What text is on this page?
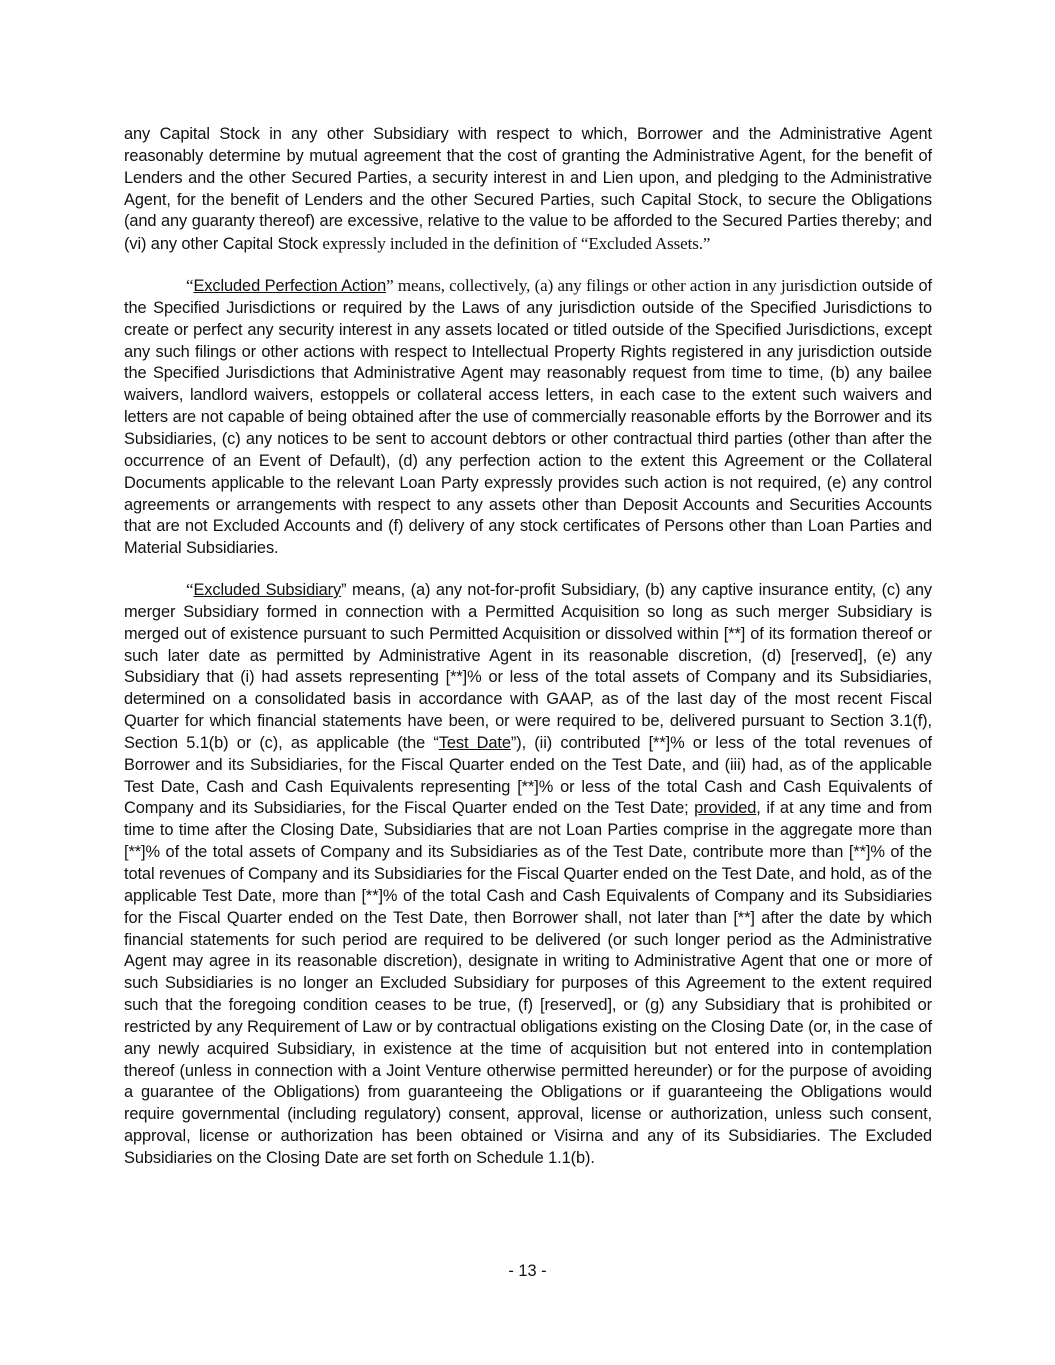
any Capital Stock in any other Subsidiary with respect to which, Borrower and the Administrative Agent reasonably determine by mutual agreement that the cost of granting the Administrative Agent, for the benefit of Lenders and the other Secured Parties, a security interest in and Lien upon, and pledging to the Administrative Agent, for the benefit of Lenders and the other Secured Parties, such Capital Stock, to secure the Obligations (and any guaranty thereof) are excessive, relative to the value to be afforded to the Secured Parties thereby; and (vi) any other Capital Stock expressly included in the definition of “Excluded Assets.”

“Excluded Perfection Action” means, collectively, (a) any filings or other action in any jurisdiction outside of the Specified Jurisdictions or required by the Laws of any jurisdiction outside of the Specified Jurisdictions to create or perfect any security interest in any assets located or titled outside of the Specified Jurisdictions, except any such filings or other actions with respect to Intellectual Property Rights registered in any jurisdiction outside the Specified Jurisdictions that Administrative Agent may reasonably request from time to time, (b) any bailee waivers, landlord waivers, estoppels or collateral access letters, in each case to the extent such waivers and letters are not capable of being obtained after the use of commercially reasonable efforts by the Borrower and its Subsidiaries, (c) any notices to be sent to account debtors or other contractual third parties (other than after the occurrence of an Event of Default), (d) any perfection action to the extent this Agreement or the Collateral Documents applicable to the relevant Loan Party expressly provides such action is not required, (e) any control agreements or arrangements with respect to any assets other than Deposit Accounts and Securities Accounts that are not Excluded Accounts and (f) delivery of any stock certificates of Persons other than Loan Parties and Material Subsidiaries.

“Excluded Subsidiary” means, (a) any not-for-profit Subsidiary, (b) any captive insurance entity, (c) any merger Subsidiary formed in connection with a Permitted Acquisition so long as such merger Subsidiary is merged out of existence pursuant to such Permitted Acquisition or dissolved within [**] of its formation thereof or such later date as permitted by Administrative Agent in its reasonable discretion, (d) [reserved], (e) any Subsidiary that (i) had assets representing [**]% or less of the total assets of Company and its Subsidiaries, determined on a consolidated basis in accordance with GAAP, as of the last day of the most recent Fiscal Quarter for which financial statements have been, or were required to be, delivered pursuant to Section 3.1(f), Section 5.1(b) or (c), as applicable (the “Test Date”), (ii) contributed [**]% or less of the total revenues of Borrower and its Subsidiaries, for the Fiscal Quarter ended on the Test Date, and (iii) had, as of the applicable Test Date, Cash and Cash Equivalents representing [**]% or less of the total Cash and Cash Equivalents of Company and its Subsidiaries, for the Fiscal Quarter ended on the Test Date; provided, if at any time and from time to time after the Closing Date, Subsidiaries that are not Loan Parties comprise in the aggregate more than [**]% of the total assets of Company and its Subsidiaries as of the Test Date, contribute more than [**]% of the total revenues of Company and its Subsidiaries for the Fiscal Quarter ended on the Test Date, and hold, as of the applicable Test Date, more than [**]% of the total Cash and Cash Equivalents of Company and its Subsidiaries for the Fiscal Quarter ended on the Test Date, then Borrower shall, not later than [**] after the date by which financial statements for such period are required to be delivered (or such longer period as the Administrative Agent may agree in its reasonable discretion), designate in writing to Administrative Agent that one or more of such Subsidiaries is no longer an Excluded Subsidiary for purposes of this Agreement to the extent required such that the foregoing condition ceases to be true, (f) [reserved], or (g) any Subsidiary that is prohibited or restricted by any Requirement of Law or by contractual obligations existing on the Closing Date (or, in the case of any newly acquired Subsidiary, in existence at the time of acquisition but not entered into in contemplation thereof (unless in connection with a Joint Venture otherwise permitted hereunder) or for the purpose of avoiding a guarantee of the Obligations) from guaranteeing the Obligations or if guaranteeing the Obligations would require governmental (including regulatory) consent, approval, license or authorization, unless such consent, approval, license or authorization has been obtained or Visirna and any of its Subsidiaries. The Excluded Subsidiaries on the Closing Date are set forth on Schedule 1.1(b).

- 13 -
